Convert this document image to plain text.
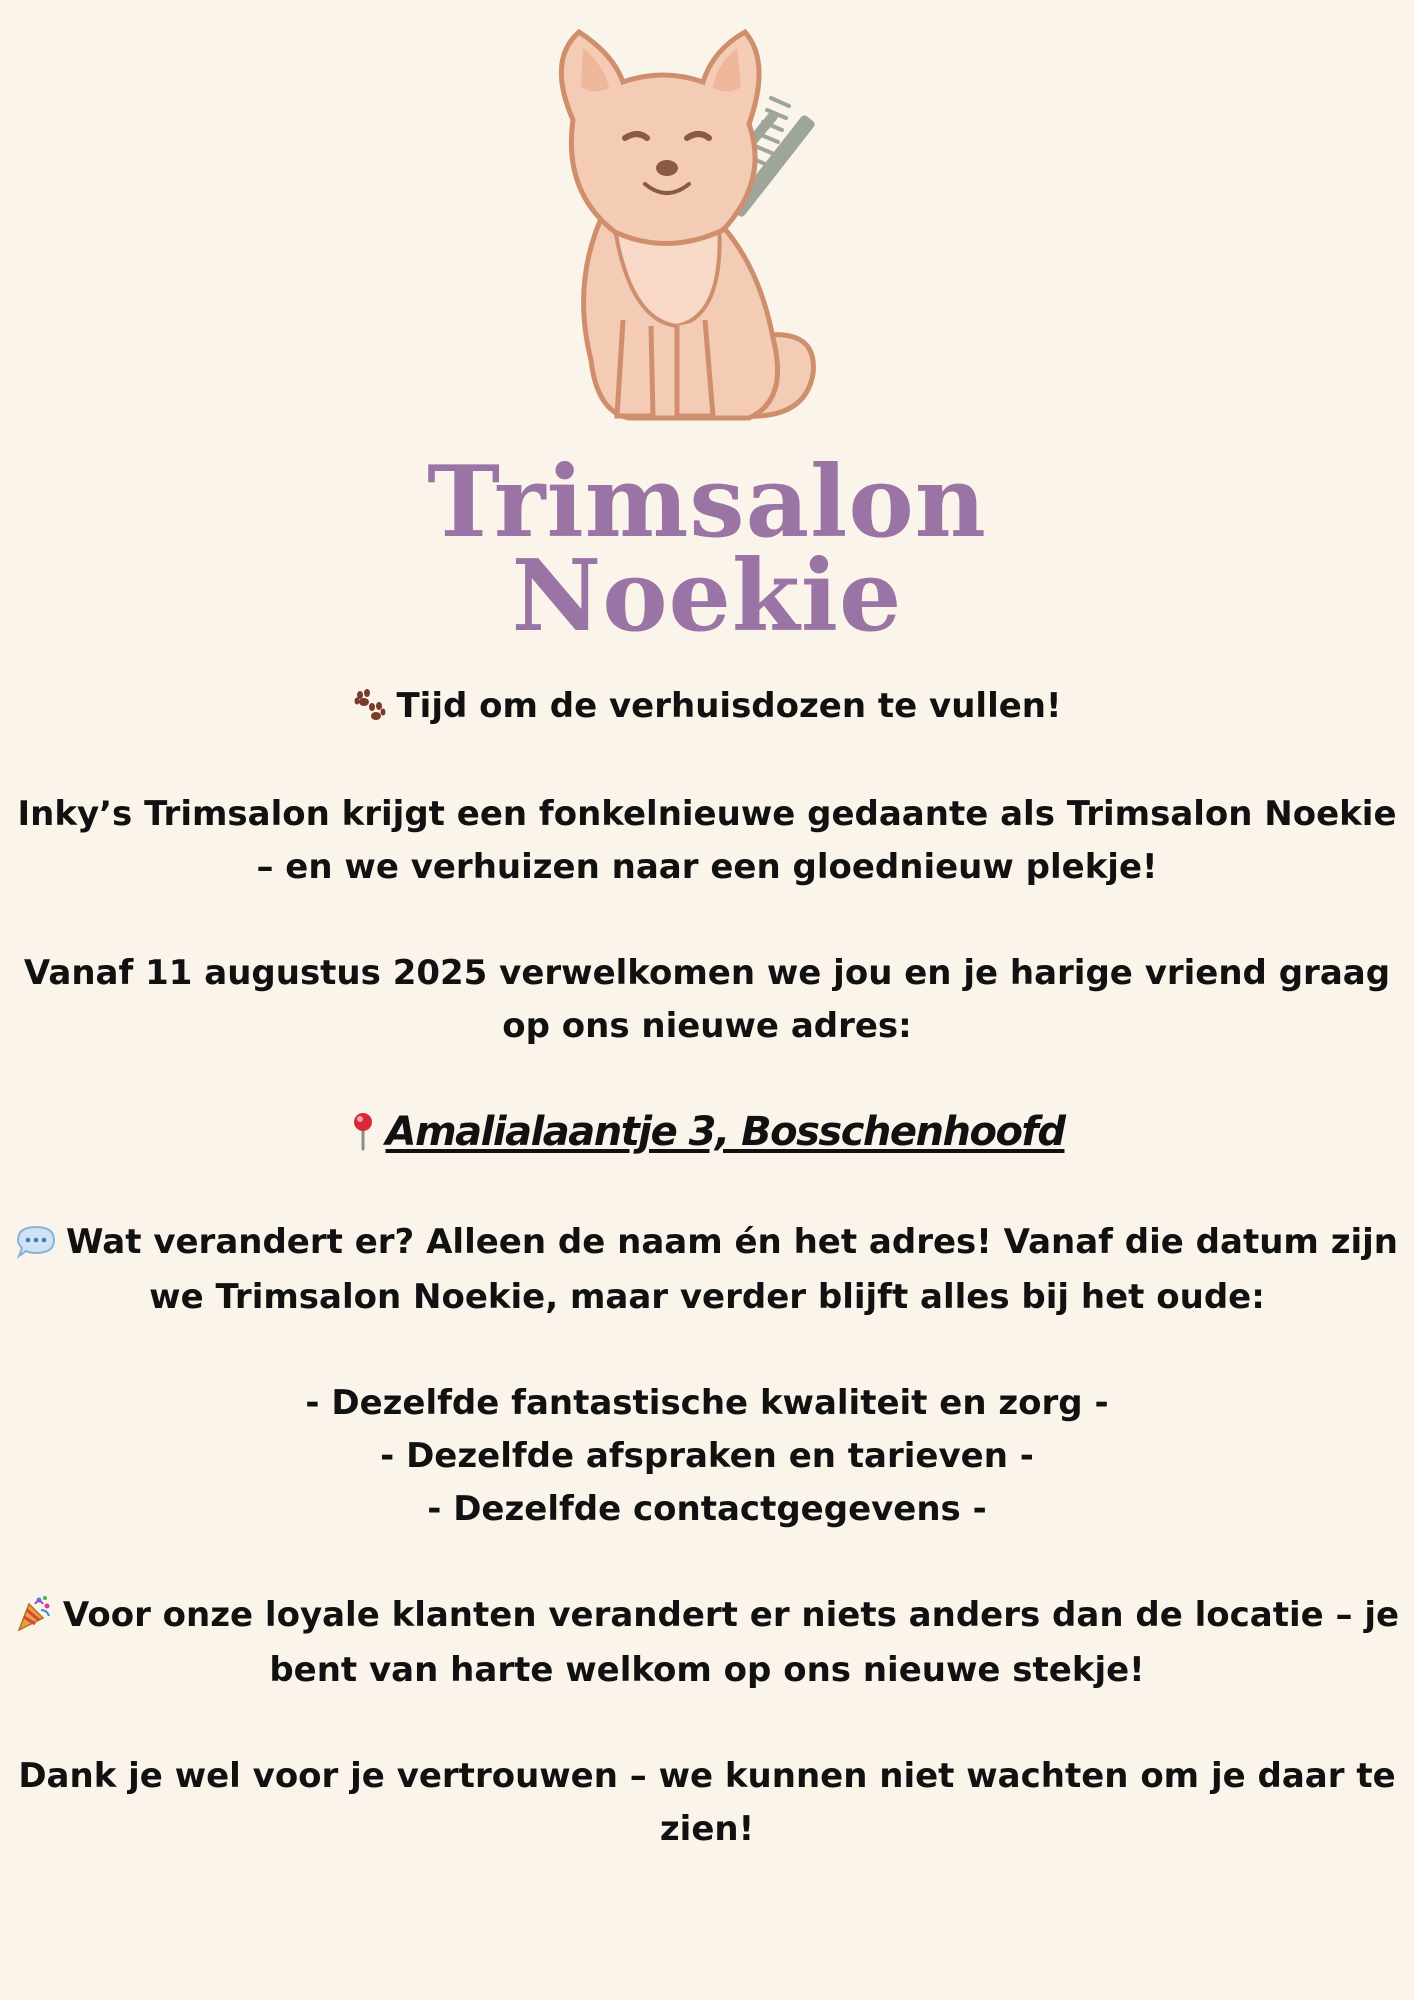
Trimsalon
Noekie

Tijd om de verhuisdozen te vullen!

Inky’s Trimsalon krijgt een fonkelnieuwe gedaante als Trimsalon Noekie
– en we verhuizen naar een gloednieuw plekje!

Vanaf 11 augustus 2025 verwelkomen we jou en je harige vriend graag
op ons nieuwe adres:

Amalialaantje 3, Bosschenhoofd

Wat verandert er? Alleen de naam én het adres! Vanaf die datum zijn
we Trimsalon Noekie, maar verder blijft alles bij het oude:

- Dezelfde fantastische kwaliteit en zorg -
- Dezelfde afspraken en tarieven -
- Dezelfde contactgegevens -

Voor onze loyale klanten verandert er niets anders dan de locatie – je
bent van harte welkom op ons nieuwe stekje!

Dank je wel voor je vertrouwen – we kunnen niet wachten om je daar te
zien!
